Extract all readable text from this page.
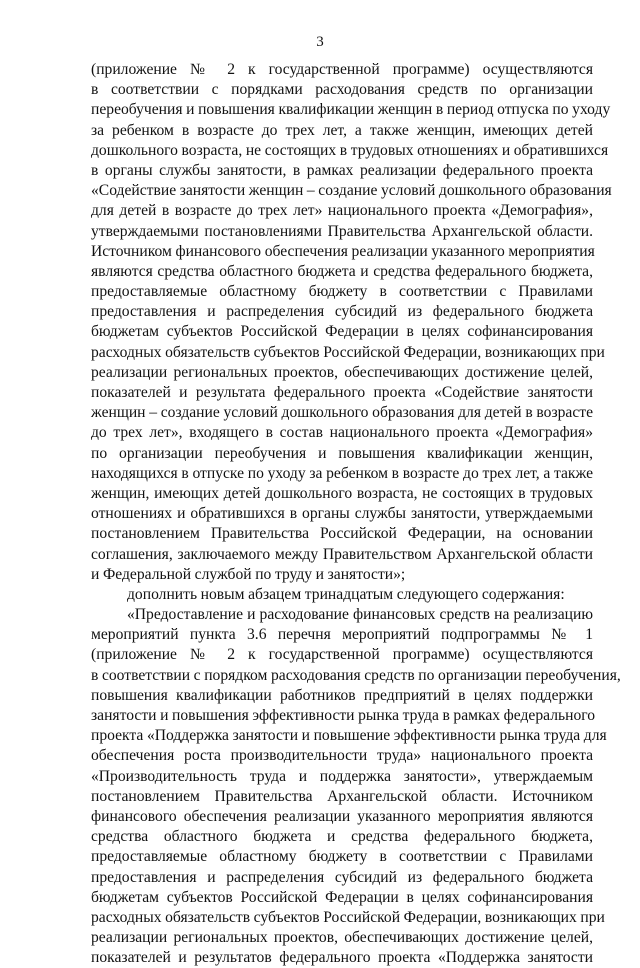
3
(приложение № 2 к государственной программе) осуществляются
в соответствии с порядками расходования средств по организации
переобучения и повышения квалификации женщин в период отпуска по уходу
за ребенком в возрасте до трех лет, а также женщин, имеющих детей
дошкольного возраста, не состоящих в трудовых отношениях и обратившихся
в органы службы занятости, в рамках реализации федерального проекта
«Содействие занятости женщин – создание условий дошкольного образования
для детей в возрасте до трех лет» национального проекта «Демография»,
утверждаемыми постановлениями Правительства Архангельской области.
Источником финансового обеспечения реализации указанного мероприятия
являются средства областного бюджета и средства федерального бюджета,
предоставляемые областному бюджету в соответствии с Правилами
предоставления и распределения субсидий из федерального бюджета
бюджетам субъектов Российской Федерации в целях софинансирования
расходных обязательств субъектов Российской Федерации, возникающих при
реализации региональных проектов, обеспечивающих достижение целей,
показателей и результата федерального проекта «Содействие занятости
женщин – создание условий дошкольного образования для детей в возрасте
до трех лет», входящего в состав национального проекта «Демография»
по организации переобучения и повышения квалификации женщин,
находящихся в отпуске по уходу за ребенком в возрасте до трех лет, а также
женщин, имеющих детей дошкольного возраста, не состоящих в трудовых
отношениях и обратившихся в органы службы занятости, утверждаемыми
постановлением Правительства Российской Федерации, на основании
соглашения, заключаемого между Правительством Архангельской области
и Федеральной службой по труду и занятости»;
дополнить новым абзацем тринадцатым следующего содержания:
«Предоставление и расходование финансовых средств на реализацию
мероприятий пункта 3.6 перечня мероприятий подпрограммы № 1
(приложение № 2 к государственной программе) осуществляются
в соответствии с порядком расходования средств по организации переобучения,
повышения квалификации работников предприятий в целях поддержки
занятости и повышения эффективности рынка труда в рамках федерального
проекта «Поддержка занятости и повышение эффективности рынка труда для
обеспечения роста производительности труда» национального проекта
«Производительность труда и поддержка занятости», утверждаемым
постановлением Правительства Архангельской области. Источником
финансового обеспечения реализации указанного мероприятия являются
средства областного бюджета и средства федерального бюджета,
предоставляемые областному бюджету в соответствии с Правилами
предоставления и распределения субсидий из федерального бюджета
бюджетам субъектов Российской Федерации в целях софинансирования
расходных обязательств субъектов Российской Федерации, возникающих при
реализации региональных проектов, обеспечивающих достижение целей,
показателей и результатов федерального проекта «Поддержка занятости
